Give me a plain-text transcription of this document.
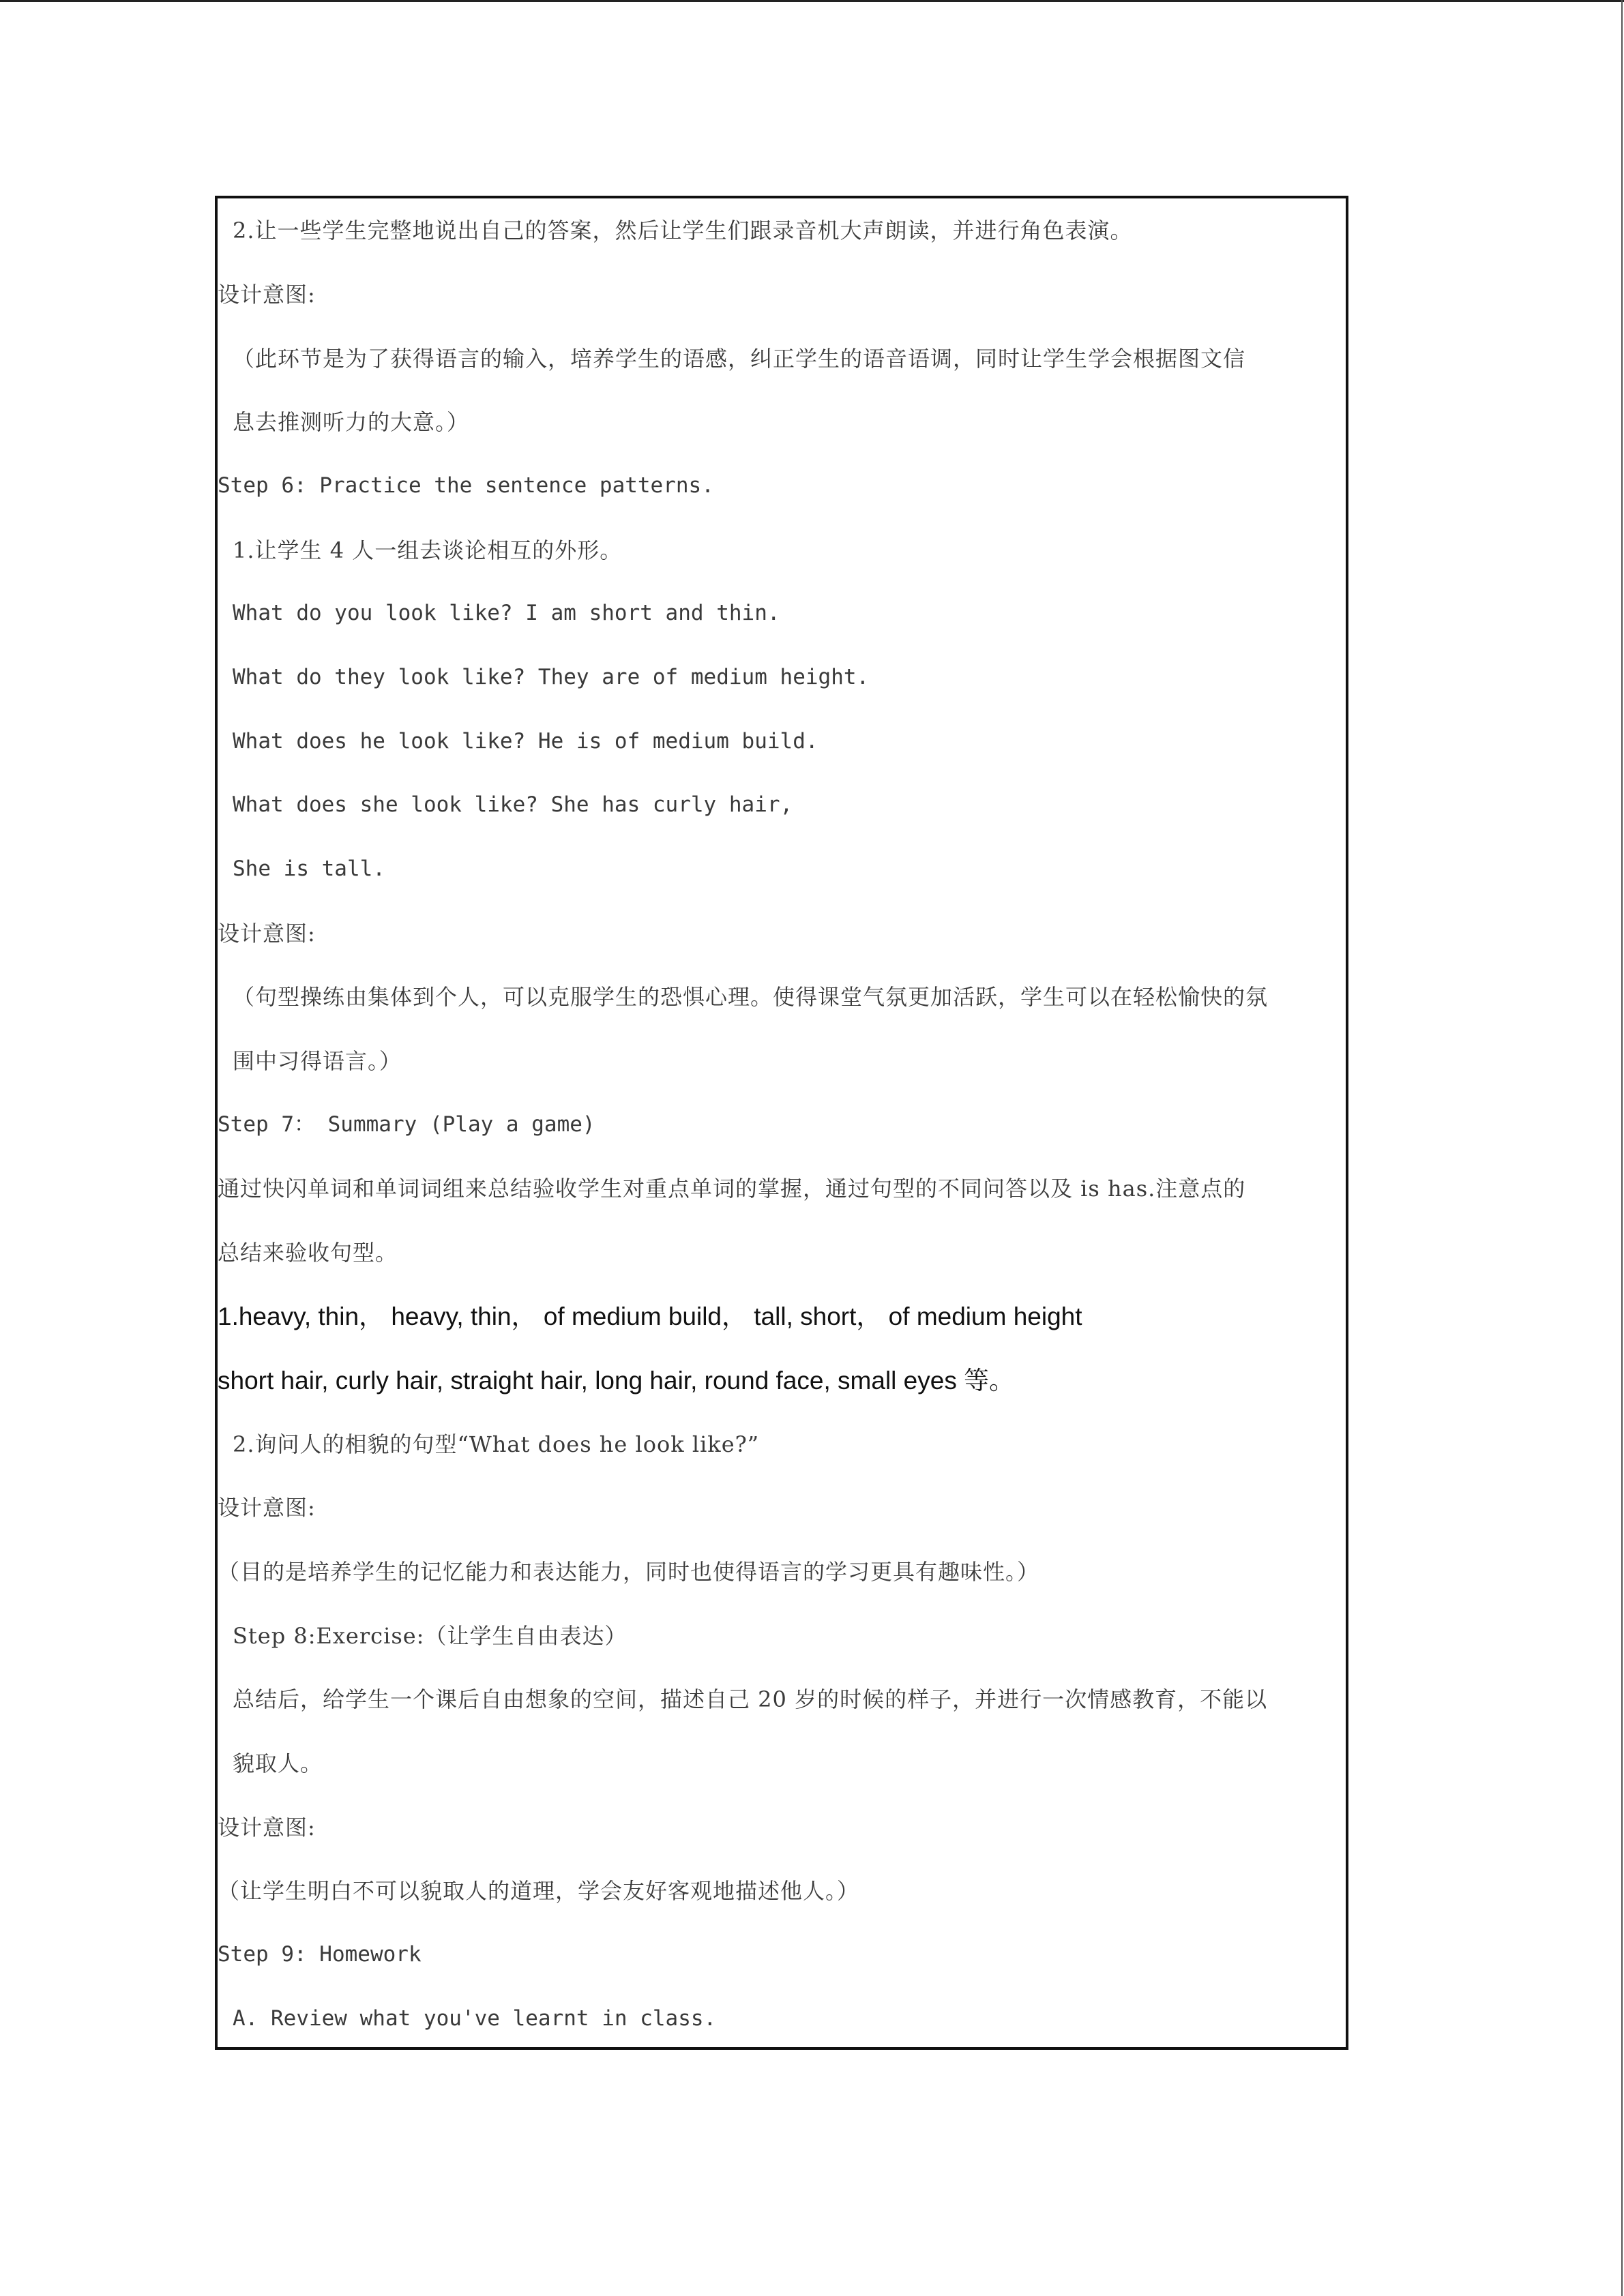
2.让一些学生完整地说出自己的答案，然后让学生们跟录音机大声朗读，并进行角色表演。

设计意图:

（此环节是为了获得语言的输入，培养学生的语感，纠正学生的语音语调，同时让学生学会根据图文信

息去推测听力的大意。）

Step 6: Practice the sentence patterns.

1.让学生 4 人一组去谈论相互的外形。

What do you look like? I am short and thin.

What do they look like? They are of medium height.

What does he look like? He is of medium build.

What does she look like? She has curly hair,

She is tall.

设计意图:

（句型操练由集体到个人，可以克服学生的恐惧心理。使得课堂气氛更加活跃，学生可以在轻松愉快的氛

围中习得语言。）

Step 7： Summary (Play a game)

通过快闪单词和单词词组来总结验收学生对重点单词的掌握，通过句型的不同问答以及 is has.注意点的

总结来验收句型。

1.heavy, thin， heavy, thin， of medium build， tall, short， of medium height

short hair, curly hair, straight hair, long hair, round face, small eyes 等。

2.询问人的相貌的句型“What does he look like?”

设计意图:

（目的是培养学生的记忆能力和表达能力，同时也使得语言的学习更具有趣味性。）

Step 8:Exercise:（让学生自由表达）

总结后，给学生一个课后自由想象的空间，描述自己 20 岁的时候的样子，并进行一次情感教育，不能以

貌取人。

设计意图:

（让学生明白不可以貌取人的道理，学会友好客观地描述他人。）

Step 9: Homework

A. Review what you've learnt in class.
